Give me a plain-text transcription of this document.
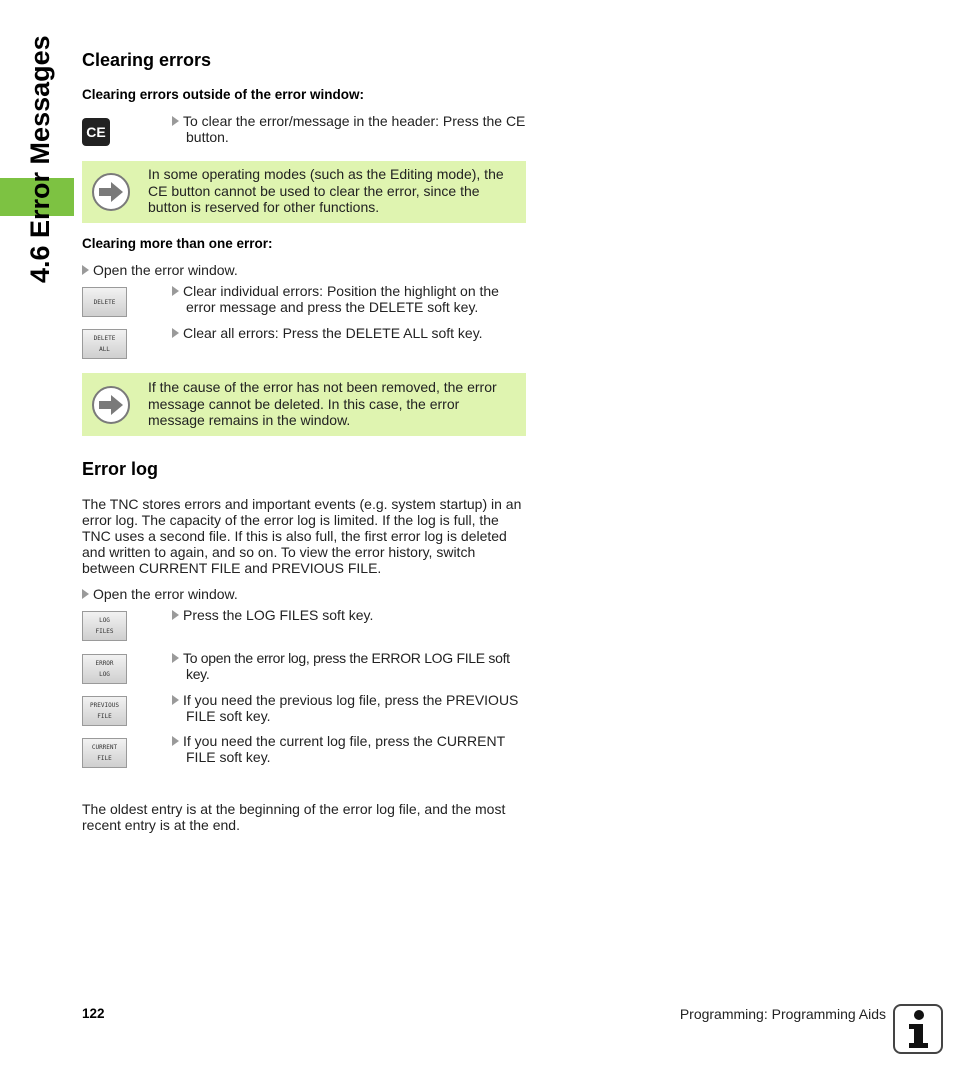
4.6 Error Messages Clearing errors
Clearing errors outside of the error window:
CE
To clear the error/message in the header: Press the CE button.
In some operating modes (such as the Editing mode), the CE button cannot be used to clear the error, since the button is reserved for other functions.
Clearing more than one error:
Open the error window.
DELETE
Clear individual errors: Position the highlight on the error message and press the DELETE soft key.
DELETE
ALL
Clear all errors: Press the DELETE ALL soft key.
If the cause of the error has not been removed, the error message cannot be deleted. In this case, the error message remains in the window.
Error log
The TNC stores errors and important events (e.g. system startup) in an error log. The capacity of the error log is limited. If the log is full, the TNC uses a second file. If this is also full, the first error log is deleted and written to again, and so on. To view the error history, switch between CURRENT FILE and PREVIOUS FILE.
Open the error window.
LOG
FILES
Press the LOG FILES soft key.
ERROR
LOG
To open the error log, press the ERROR LOG FILE soft key.
PREVIOUS
FILE
If you need the previous log file, press the PREVIOUS FILE soft key.
CURRENT
FILE
If you need the current log file, press the CURRENT FILE soft key.
The oldest entry is at the beginning of the error log file, and the most recent entry is at the end.
122	Programming: Programming Aids
